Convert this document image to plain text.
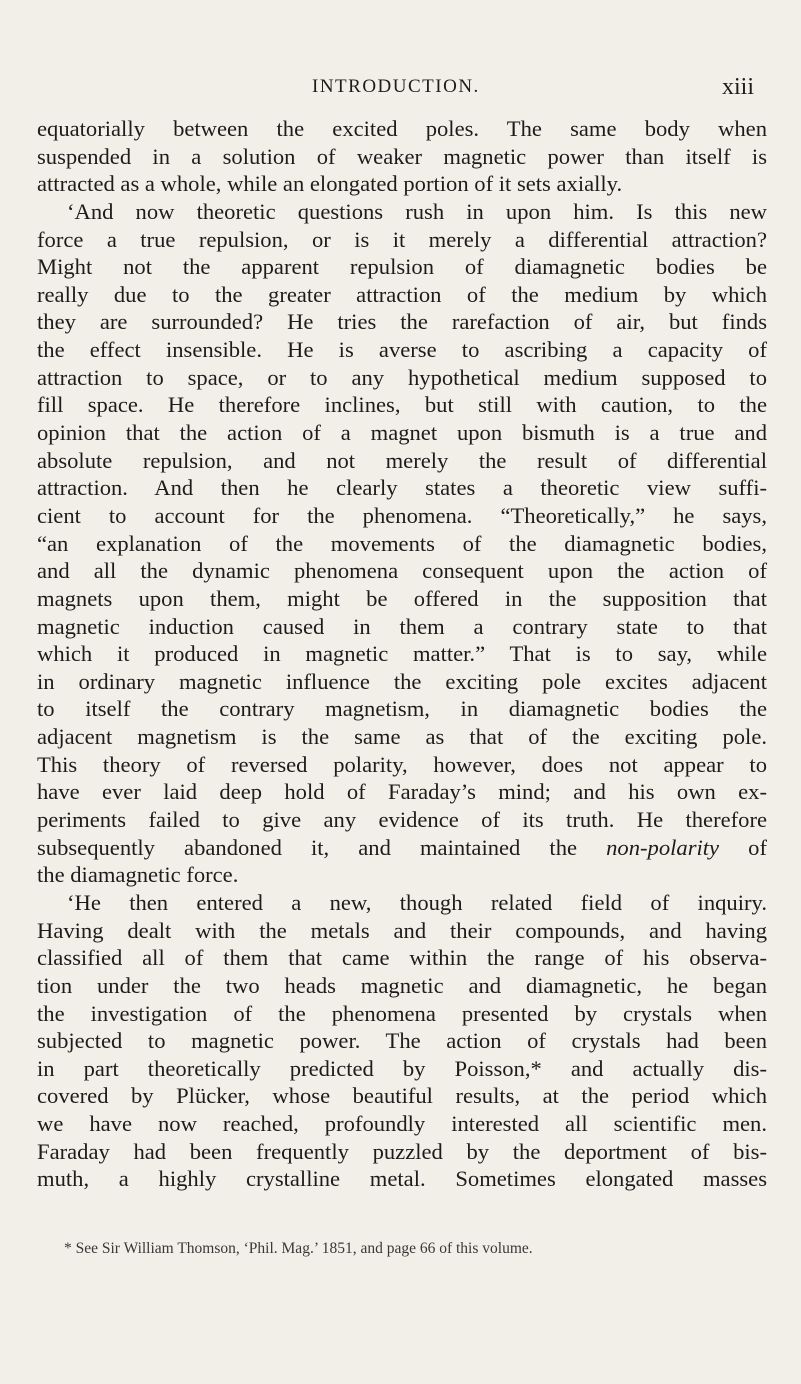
INTRODUCTION.	xiii
equatorially between the excited poles. The same body when
suspended in a solution of weaker magnetic power than itself is
attracted as a whole, while an elongated portion of it sets axially.
‘And now theoretic questions rush in upon him. Is this new
force a true repulsion, or is it merely a differential attraction?
Might not the apparent repulsion of diamagnetic bodies be
really due to the greater attraction of the medium by which
they are surrounded? He tries the rarefaction of air, but finds
the effect insensible. He is averse to ascribing a capacity of
attraction to space, or to any hypothetical medium supposed to
fill space. He therefore inclines, but still with caution, to the
opinion that the action of a magnet upon bismuth is a true and
absolute repulsion, and not merely the result of differential
attraction. And then he clearly states a theoretic view suffi-
cient to account for the phenomena. “Theoretically,” he says,
“an explanation of the movements of the diamagnetic bodies,
and all the dynamic phenomena consequent upon the action of
magnets upon them, might be offered in the supposition that
magnetic induction caused in them a contrary state to that
which it produced in magnetic matter.” That is to say, while
in ordinary magnetic influence the exciting pole excites adjacent
to itself the contrary magnetism, in diamagnetic bodies the
adjacent magnetism is the same as that of the exciting pole.
This theory of reversed polarity, however, does not appear to
have ever laid deep hold of Faraday’s mind; and his own ex-
periments failed to give any evidence of its truth. He therefore
subsequently abandoned it, and maintained the non-polarity of
the diamagnetic force.
‘He then entered a new, though related field of inquiry.
Having dealt with the metals and their compounds, and having
classified all of them that came within the range of his observa-
tion under the two heads magnetic and diamagnetic, he began
the investigation of the phenomena presented by crystals when
subjected to magnetic power. The action of crystals had been
in part theoretically predicted by Poisson,* and actually dis-
covered by Plücker, whose beautiful results, at the period which
we have now reached, profoundly interested all scientific men.
Faraday had been frequently puzzled by the deportment of bis-
muth, a highly crystalline metal. Sometimes elongated masses
* See Sir William Thomson, ‘Phil. Mag.’ 1851, and page 66 of this volume.
